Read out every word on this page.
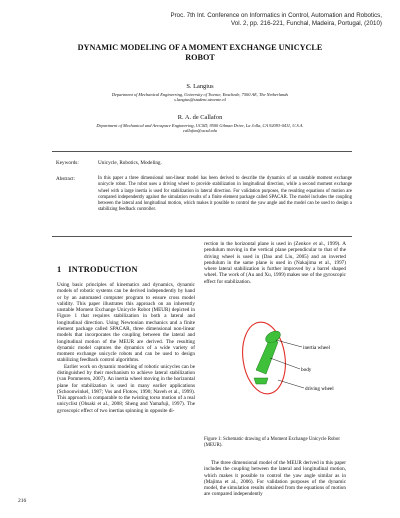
Proc. 7th Int. Conference on Informatics in Control, Automation and Robotics,
Vol. 2, pp. 216-221, Funchal, Madeira, Portugal, (2010)
DYNAMIC MODELING OF A MOMENT EXCHANGE UNICYCLE
ROBOT
S. Langius
Department of Mechanical Engineering, University of Twente, Enschede, 7500 AE, The Netherlands
s.langius@student.utwente.nl
R. A. de Callafon
Department of Mechanical and Aerospace Engineering, UCSD, 9500 Gilman Drive, La Jolla, CA 92093-0411, U.S.A.
callafon@ucsd.edu
Keywords:	Unicycle, Robotics, Modeling.
Abstract:	In this paper a three dimensional non-linear model has been derived to describe the dynamics of an unstable moment exchange unicycle robot. The robot uses a driving wheel to provide stabilization in longitudinal direction, while a second moment exchange wheel with a large inertia is used for stabilization in lateral direction. For validation purposes, the resulting equations of motion are compared independently against the simulation results of a finite element package called SPACAR. The model includes the coupling between the lateral and longitudinal motion, which makes it possible to control the yaw angle and the model can be used to design a stabilizing feedback controller.
1 INTRODUCTION

Using basic principles of kinematics and dynamics, dynamic models of robotic systems can be derived independently by hand or by an automated computer program to ensure cross model validity. This paper illustrates this approach on an inherently unstable Moment Exchange Unicycle Robot (MEUR) depicted in Figure 1 that requires stabilization in both a lateral and longitudinal direction. Using Newtonian mechanics and a finite element package called SPACAR, three dimensional non-linear models that incorporates the coupling between the lateral and longitudinal motion of the MEUR are derived. The resulting dynamic model captures the dynamics of a wide variety of moment exchange unicycle robots and can be used to design stabilizing feedback control algorithms.

Earlier work on dynamic modeling of robotic unicycles can be distinguished by their mechanism to achieve lateral stabilization (van Pommeren, 2007). An inertia wheel moving in the horizontal plane for stabilization is used in many earlier applications (Schoonwinkel, 1987; Vos and Flotow, 1990; Naveh et al., 1999). This approach is comparable to the twisting torso motion of a real unicyclist (Ohsaki et al., 2008; Sheng and Yamafuji, 1997). The gyroscopic effect of two inertias spinning in opposite di-

rection in the horizontal plane is used in (Zenkov et al., 1999). A pendulum moving in the vertical plane perpendicular to that of the driving wheel is used in (Dao and Liu, 2005) and an inverted pendulum in the same plane is used in (Nakajima et al., 1997) where lateral stabilization is further improved by a barrel shaped wheel. The work of (Au and Xu, 1999) makes use of the gyroscopic effect for stabilization.

inertia wheel
body
driving wheel
Figure 1: Schematic drawing of a Moment Exchange Unicycle Robot (MEUR).

The three dimensional model of the MEUR derived in this paper includes the coupling between the lateral and longitudinal motion, which makes it possible to control the yaw angle similar as in (Majima et al., 2006). For validation purposes of the dynamic model, the simulation results obtained from the equations of motion are compared independently

216
